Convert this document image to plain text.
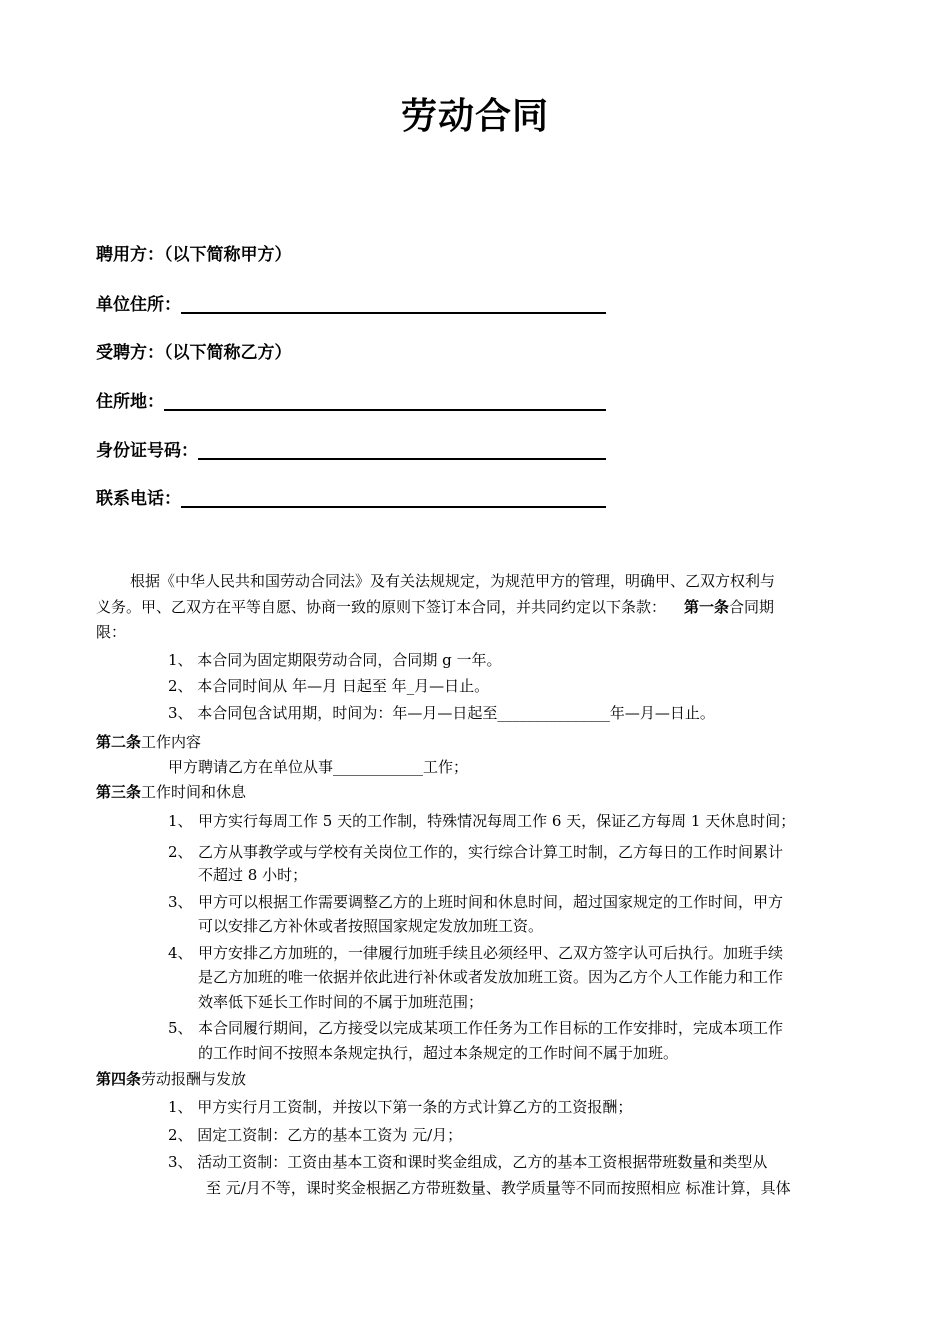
劳动合同
聘用方：（以下简称甲方）
单位住所：
受聘方：（以下简称乙方）
住所地：
身份证号码：
联系电话：
根据《中华人民共和国劳动合同法》及有关法规规定，为规范甲方的管理，明确甲、乙双方权利与
义务。甲、乙双方在平等自愿、协商一致的原则下签订本合同，并共同约定以下条款： 第一条合同期
限：
1、 本合同为固定期限劳动合同，合同期 g 一年。
2、 本合同时间从 年—月 日起至 年_月—日止。
3、 本合同包含试用期，时间为：年—月—日起至_______________年—月—日止。
第二条工作内容
甲方聘请乙方在单位从事____________工作；
第三条工作时间和休息
1、 甲方实行每周工作 5 天的工作制，特殊情况每周工作 6 天，保证乙方每周 1 天休息时间；
2、 乙方从事教学或与学校有关岗位工作的，实行综合计算工时制，乙方每日的工作时间累计
不超过 8 小时；
3、 甲方可以根据工作需要调整乙方的上班时间和休息时间，超过国家规定的工作时间，甲方
可以安排乙方补休或者按照国家规定发放加班工资。
4、 甲方安排乙方加班的，一律履行加班手续且必须经甲、乙双方签字认可后执行。加班手续
是乙方加班的唯一依据并依此进行补休或者发放加班工资。因为乙方个人工作能力和工作
效率低下延长工作时间的不属于加班范围；
5、 本合同履行期间，乙方接受以完成某项工作任务为工作目标的工作安排时，完成本项工作
的工作时间不按照本条规定执行，超过本条规定的工作时间不属于加班。
第四条劳动报酬与发放
1、 甲方实行月工资制，并按以下第一条的方式计算乙方的工资报酬；
2、 固定工资制：乙方的基本工资为 元/月；
3、 活动工资制：工资由基本工资和课时奖金组成，乙方的基本工资根据带班数量和类型从
至 元/月不等，课时奖金根据乙方带班数量、教学质量等不同而按照相应 标准计算，具体
